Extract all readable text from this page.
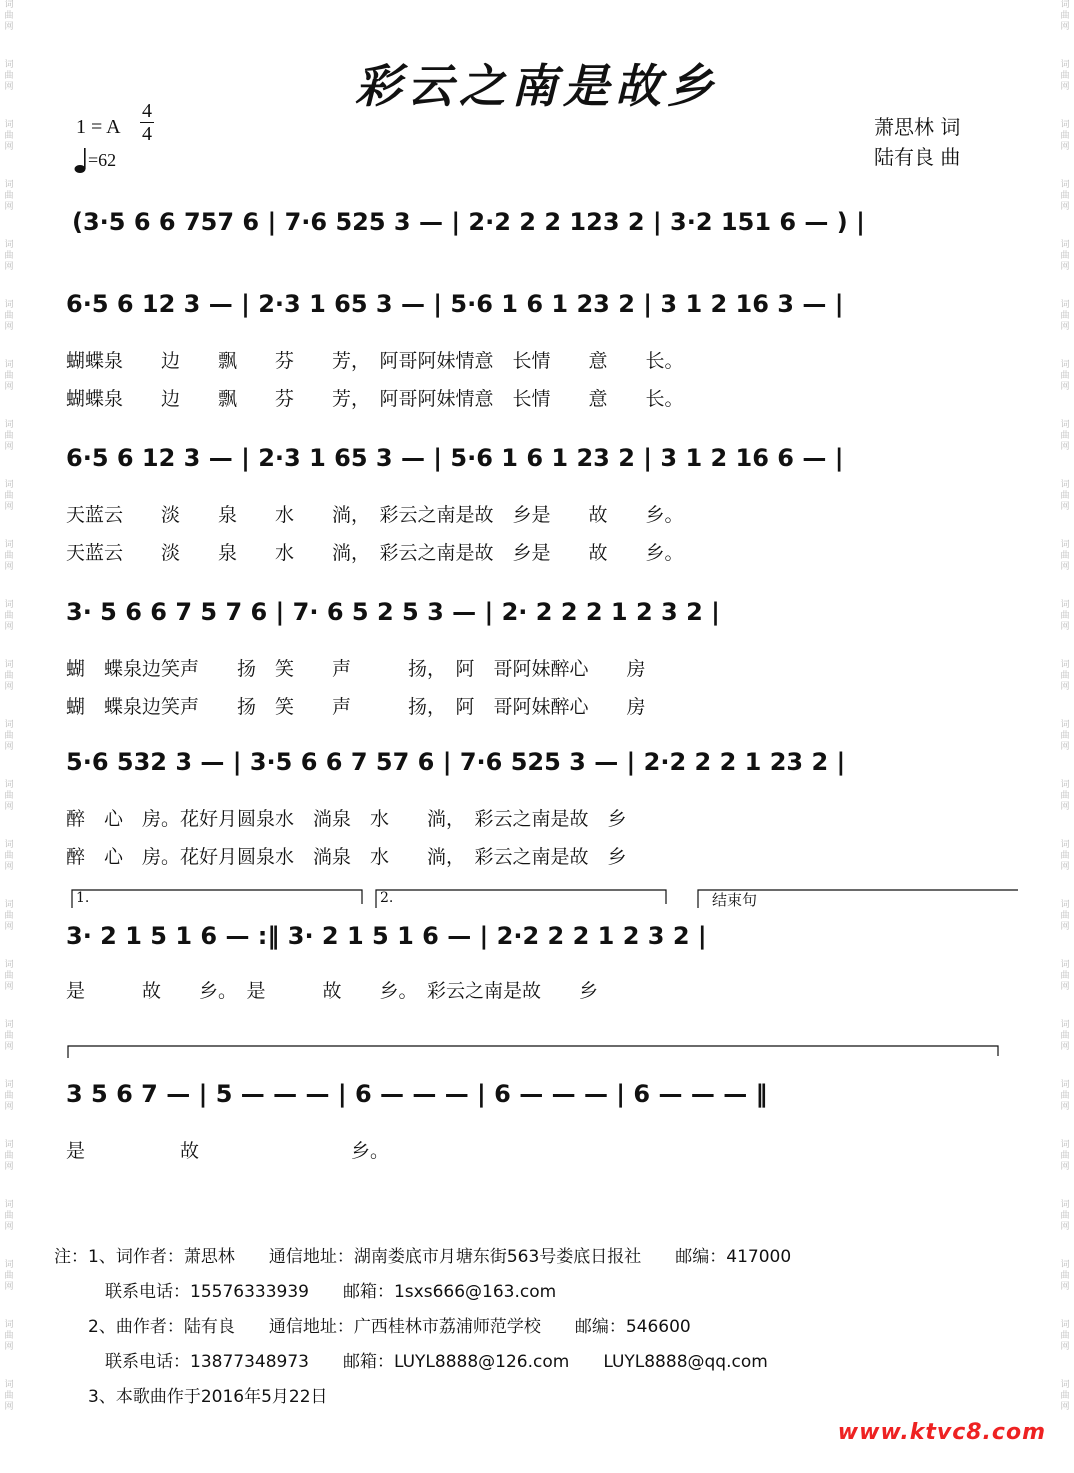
词
曲
网
词
曲
网
词
曲
网
词
曲
网
词
曲
网
词
曲
网
词
曲
网
词
曲
网
词
曲
网
词
曲
网
词
曲
网
词
曲
网
词
曲
网
词
曲
网
词
曲
网
词
曲
网
词
曲
网
词
曲
网
词
曲
网
词
曲
网
词
曲
网
词
曲
网
词
曲
网
词
曲
网
词
曲
网
词
曲
网
词
曲
网
词
曲
网
词
曲
网
词
曲
网
词
曲
网
词
曲
网
词
曲
网
词
曲
网
词
曲
网
词
曲
网
词
曲
网
词
曲
网
词
曲
网
词
曲
网
词
曲
网
词
曲
网
词
曲
网
词
曲
网
词
曲
网
词
曲
网
词
曲
网
词
曲
网
彩云之南是故乡
1 = A
4
4
=62
萧思林 词
陆有良 曲

(3·5 6 6 757 6 | 7·6 525 3 — | 2·2 2 2 123 2 | 3·2 151 6 — ) |

6·5 6 12 3 — | 2·3 1 65 3 — | 5·6 1 6 1 23 2 | 3 1 2 16 3 — |

蝴蝶泉　　边　　飘　　芬　　芳，　阿哥阿妹情意　长情　　意　　长。
蝴蝶泉　　边　　飘　　芬　　芳，　阿哥阿妹情意　长情　　意　　长。

6·5 6 12 3 — | 2·3 1 65 3 — | 5·6 1 6 1 23 2 | 3 1 2 16 6 — |

天蓝云　　淡　　泉　　水　　淌，　彩云之南是故　乡是　　故　　乡。
天蓝云　　淡　　泉　　水　　淌，　彩云之南是故　乡是　　故　　乡。

3· 5 6 6 7 5 7 6 | 7· 6 5 2 5 3 — | 2· 2 2 2 1 2 3 2 |

蝴　蝶泉边笑声　　扬　笑　　声　　　扬，　阿　哥阿妹醉心　　房
蝴　蝶泉边笑声　　扬　笑　　声　　　扬，　阿　哥阿妹醉心　　房

5·6 532 3 — | 3·5 6 6 7 57 6 | 7·6 525 3 — | 2·2 2 2 1 23 2 |

醉　心　房。花好月圆泉水　淌泉　水　　淌，　彩云之南是故　乡
醉　心　房。花好月圆泉水　淌泉　水　　淌，　彩云之南是故　乡
1.	2.	结束句

3· 2 1 5 1 6 — :‖ 3· 2 1 5 1 6 — | 2·2 2 2 1 2 3 2 |

是　　　故　　乡。　是　　　故　　乡。　彩云之南是故　　乡

3 5 6 7 — | 5 — — — | 6 — — — | 6 — — — | 6 — — — ‖

是　　　　　故　　　　　　　　乡。
注：1、词作者：萧思林　　通信地址：湖南娄底市月塘东街563号娄底日报社　　邮编：417000
　　　联系电话：15576333939　　邮箱：1sxs666@163.com
　　2、曲作者：陆有良　　通信地址：广西桂林市荔浦师范学校　　邮编：546600
　　　联系电话：13877348973　　邮箱：LUYL8888@126.com　　LUYL8888@qq.com
　　3、本歌曲作于2016年5月22日
www.ktvc8.com
